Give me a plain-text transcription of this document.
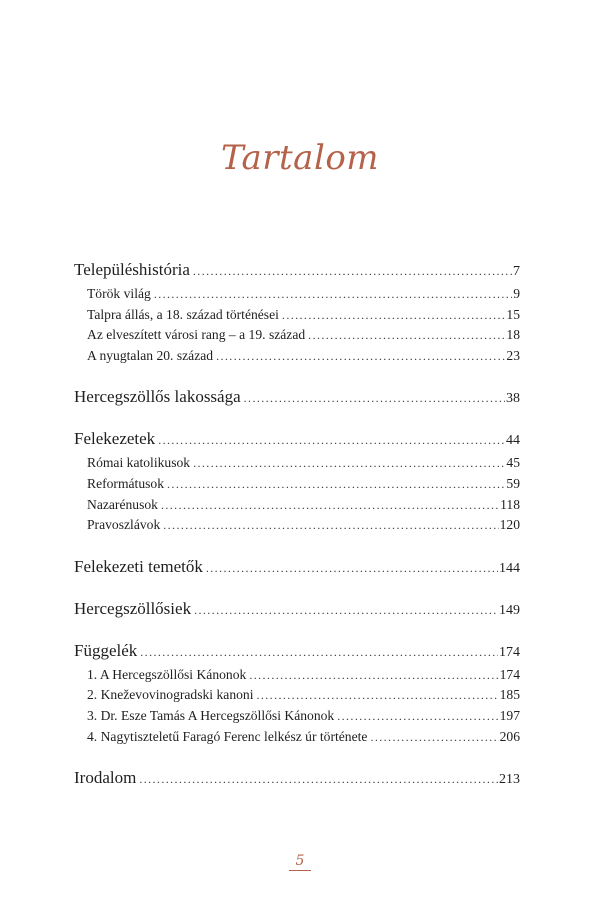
Tartalom
Településhistória .....	7
Török világ .....	9
Talpra állás, a 18. század történései .....	15
Az elveszített városi rang – a 19. század .....	18
A nyugtalan 20. század .....	23
Hercegszöllős lakossága .....	38
Felekezetek .....	44
Római katolikusok .....	45
Reformátusok .....	59
Nazarénusok .....	118
Pravoszlávok .....	120
Felekezeti temetők .....	144
Hercegszöllősiek .....	149
Függelék .....	174
1. A Hercegszöllősi Kánonok .....	174
2. Kneževovinogradski kanoni .....	185
3. Dr. Esze Tamás A Hercegszöllősi Kánonok .....	197
4. Nagytiszteletű Faragó Ferenc lelkész úr története .....	206
Irodalom .....	213
5
